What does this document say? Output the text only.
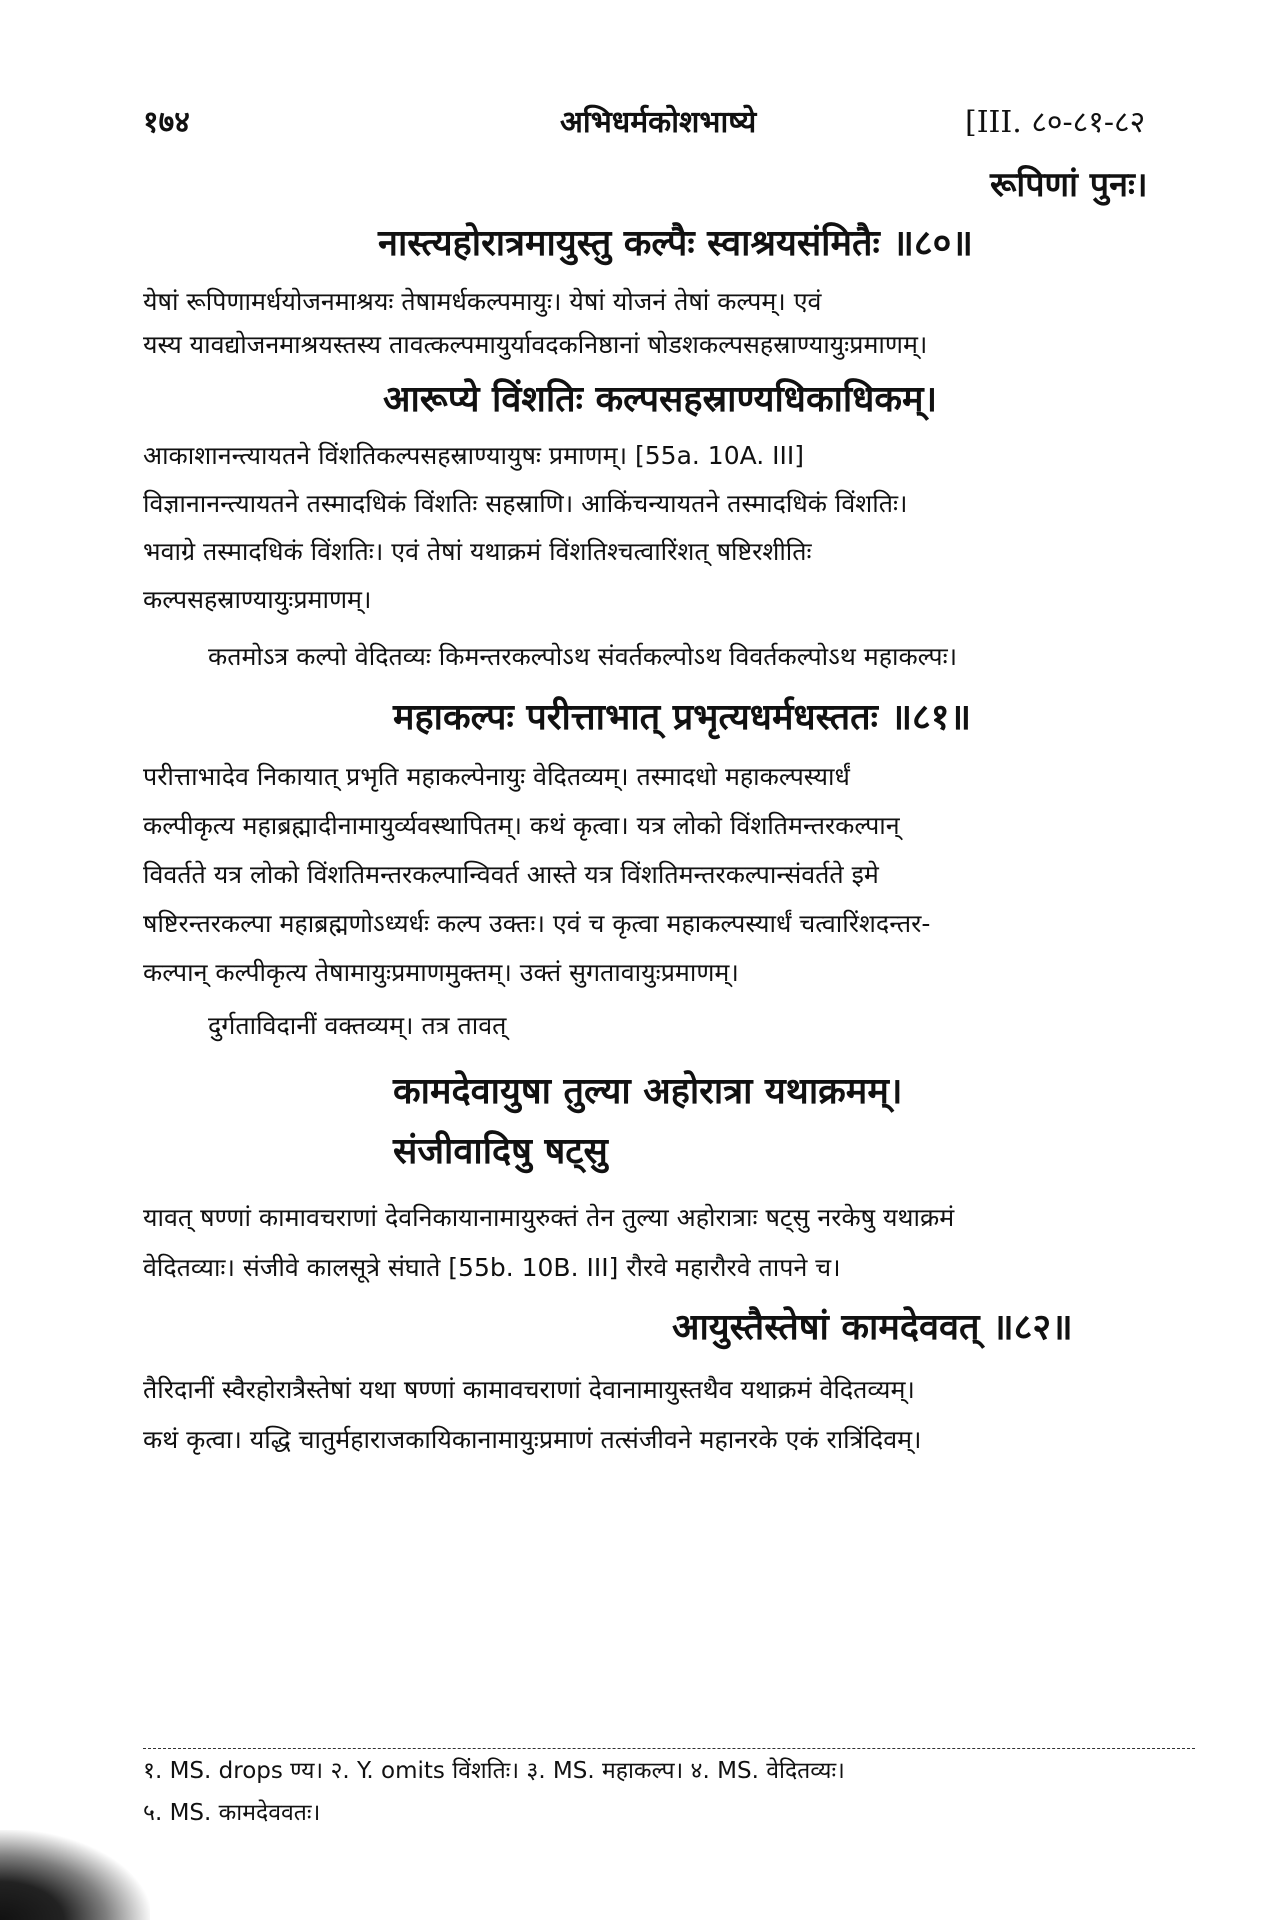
१७४	अभिधर्मकोशभाष्ये	[III. ८०-८१-८२
रूपिणां पुनः।
नास्त्यहोरात्रमायुस्तु कल्पैः स्वाश्रयसंमितैः ॥८०॥
येषां रूपिणामर्धयोजनमाश्रयः तेषामर्धकल्पमायुः। येषां योजनं तेषां कल्पम्। एवं
यस्य यावद्योजनमाश्रयस्तस्य तावत्कल्पमायुर्यावदकनिष्ठानां षोडशकल्पसहस्राण्यायुःप्रमाणम्।
आरूप्ये विंशतिः कल्पसहस्राण्यधिकाधिकम्।
आकाशानन्त्यायतने विंशतिकल्पसहस्राण्यायुषः प्रमाणम्। [55a. 10A. III]
विज्ञानानन्त्यायतने तस्मादधिकं विंशतिः सहस्राणि। आकिंचन्यायतने तस्मादधिकं विंशतिः।
भवाग्रे तस्मादधिकं विंशतिः। एवं तेषां यथाक्रमं विंशतिश्चत्वारिंशत् षष्टिरशीतिः
कल्पसहस्राण्यायुःप्रमाणम्।
कतमोऽत्र कल्पो वेदितव्यः किमन्तरकल्पोऽथ संवर्तकल्पोऽथ विवर्तकल्पोऽथ महाकल्पः।
महाकल्पः परीत्ताभात् प्रभृत्यधर्मधस्ततः ॥८१॥
परीत्ताभादेव निकायात् प्रभृति महाकल्पेनायुः वेदितव्यम्। तस्मादधो महाकल्पस्यार्धं
कल्पीकृत्य महाब्रह्मादीनामायुर्व्यवस्थापितम्। कथं कृत्वा। यत्र लोको विंशतिमन्तरकल्पान्
विवर्तते यत्र लोको विंशतिमन्तरकल्पान्विवर्त आस्ते यत्र विंशतिमन्तरकल्पान्संवर्तते इमे
षष्टिरन्तरकल्पा महाब्रह्मणोऽध्यर्धः कल्प उक्तः। एवं च कृत्वा महाकल्पस्यार्धं चत्वारिंशदन्तर-
कल्पान् कल्पीकृत्य तेषामायुःप्रमाणमुक्तम्। उक्तं सुगतावायुःप्रमाणम्।
दुर्गताविदानीं वक्तव्यम्। तत्र तावत्
कामदेवायुषा तुल्या अहोरात्रा यथाक्रमम्।
संजीवादिषु षट्सु
यावत् षण्णां कामावचराणां देवनिकायानामायुरुक्तं तेन तुल्या अहोरात्राः षट्सु नरकेषु यथाक्रमं
वेदितव्याः। संजीवे कालसूत्रे संघाते [55b. 10B. III] रौरवे महारौरवे तापने च।
आयुस्तैस्तेषां कामदेववत् ॥८२॥
तैरिदानीं स्वैरहोरात्रैस्तेषां यथा षण्णां कामावचराणां देवानामायुस्तथैव यथाक्रमं वेदितव्यम्।
कथं कृत्वा। यद्धि चातुर्महाराजकायिकानामायुःप्रमाणं तत्संजीवने महानरके एकं रात्रिंदिवम्।
१. MS. drops ण्य। २. Y. omits विंशतिः। ३. MS. महाकल्प। ४. MS. वेदितव्यः।
५. MS. कामदेववतः।
